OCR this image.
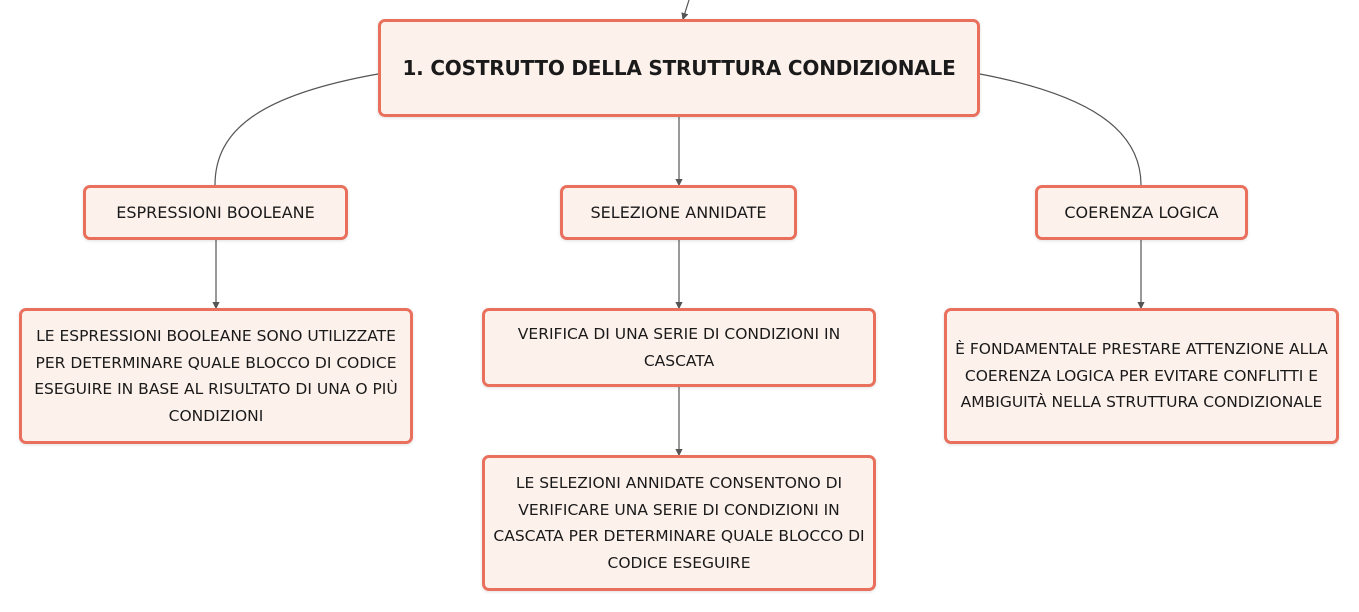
1. COSTRUTTO DELLA STRUTTURA CONDIZIONALE
ESPRESSIONI BOOLEANE	SELEZIONE ANNIDATE	COERENZA LOGICA
LE ESPRESSIONI BOOLEANE SONO UTILIZZATE PER DETERMINARE QUALE BLOCCO DI CODICE ESEGUIRE IN BASE AL RISULTATO DI UNA O PIÙ CONDIZIONI
VERIFICA DI UNA SERIE DI CONDIZIONI IN CASCATA
LE SELEZIONI ANNIDATE CONSENTONO DI VERIFICARE UNA SERIE DI CONDIZIONI IN CASCATA PER DETERMINARE QUALE BLOCCO DI CODICE ESEGUIRE
È FONDAMENTALE PRESTARE ATTENZIONE ALLA COERENZA LOGICA PER EVITARE CONFLITTI E AMBIGUITÀ NELLA STRUTTURA CONDIZIONALE
